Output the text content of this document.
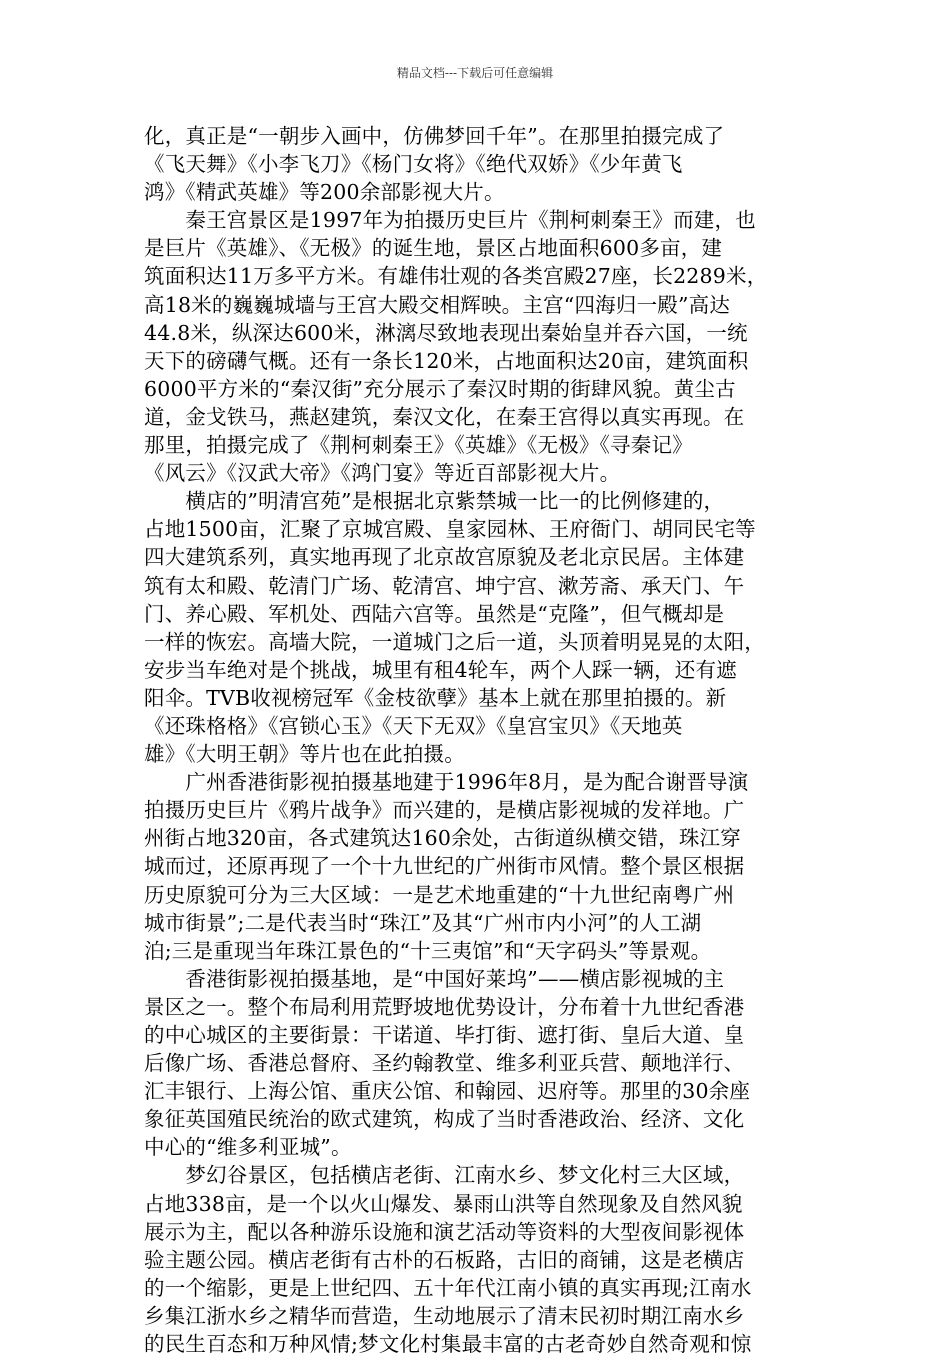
精品文档---下载后可任意编辑
化，真正是“一朝步入画中，仿佛梦回千年”。在那里拍摄完成了
《飞天舞》《小李飞刀》《杨门女将》《绝代双娇》《少年黄飞
鸿》《精武英雄》等200余部影视大片。
　　秦王宫景区是1997年为拍摄历史巨片《荆柯刺秦王》而建，也
是巨片《英雄》、《无极》的诞生地，景区占地面积600多亩，建
筑面积达11万多平方米。有雄伟壮观的各类宫殿27座，长2289米，
高18米的巍巍城墙与王宫大殿交相辉映。主宫“四海归一殿”高达
44.8米，纵深达600米，淋漓尽致地表现出秦始皇并吞六国，一统
天下的磅礴气概。还有一条长120米，占地面积达20亩，建筑面积
6000平方米的“秦汉街”充分展示了秦汉时期的街肆风貌。黄尘古
道，金戈铁马，燕赵建筑，秦汉文化，在秦王宫得以真实再现。在
那里，拍摄完成了《荆柯刺秦王》《英雄》《无极》《寻秦记》
《风云》《汉武大帝》《鸿门宴》等近百部影视大片。
　　横店的”明清宫苑”是根据北京紫禁城一比一的比例修建的，
占地1500亩，汇聚了京城宫殿、皇家园林、王府衙门、胡同民宅等
四大建筑系列，真实地再现了北京故宫原貌及老北京民居。主体建
筑有太和殿、乾清门广场、乾清宫、坤宁宫、漱芳斋、承天门、午
门、养心殿、军机处、西陆六宫等。虽然是“克隆”，但气概却是
一样的恢宏。高墙大院，一道城门之后一道，头顶着明晃晃的太阳，
安步当车绝对是个挑战，城里有租4轮车，两个人踩一辆，还有遮
阳伞。TVB收视榜冠军《金枝欲孽》基本上就在那里拍摄的。新
《还珠格格》《宫锁心玉》《天下无双》《皇宫宝贝》《天地英
雄》《大明王朝》等片也在此拍摄。
　　广州香港街影视拍摄基地建于1996年8月，是为配合谢晋导演
拍摄历史巨片《鸦片战争》而兴建的，是横店影视城的发祥地。广
州街占地320亩，各式建筑达160余处，古街道纵横交错，珠江穿
城而过，还原再现了一个十九世纪的广州街市风情。整个景区根据
历史原貌可分为三大区域：一是艺术地重建的“十九世纪南粤广州
城市街景”;二是代表当时“珠江”及其“广州市内小河”的人工湖
泊;三是重现当年珠江景色的“十三夷馆”和“天字码头”等景观。
　　香港街影视拍摄基地，是“中国好莱坞”——横店影视城的主
景区之一。整个布局利用荒野坡地优势设计，分布着十九世纪香港
的中心城区的主要街景：干诺道、毕打街、遮打街、皇后大道、皇
后像广场、香港总督府、圣约翰教堂、维多利亚兵营、颠地洋行、
汇丰银行、上海公馆、重庆公馆、和翰园、迟府等。那里的30余座
象征英国殖民统治的欧式建筑，构成了当时香港政治、经济、文化
中心的“维多利亚城”。
　　梦幻谷景区，包括横店老街、江南水乡、梦文化村三大区域，
占地338亩，是一个以火山爆发、暴雨山洪等自然现象及自然风貌
展示为主，配以各种游乐设施和演艺活动等资料的大型夜间影视体
验主题公园。横店老街有古朴的石板路，古旧的商铺，这是老横店
的一个缩影，更是上世纪四、五十年代江南小镇的真实再现;江南水
乡集江浙水乡之精华而营造，生动地展示了清末民初时期江南水乡
的民生百态和万种风情;梦文化村集最丰富的古老奇妙自然奇观和惊
